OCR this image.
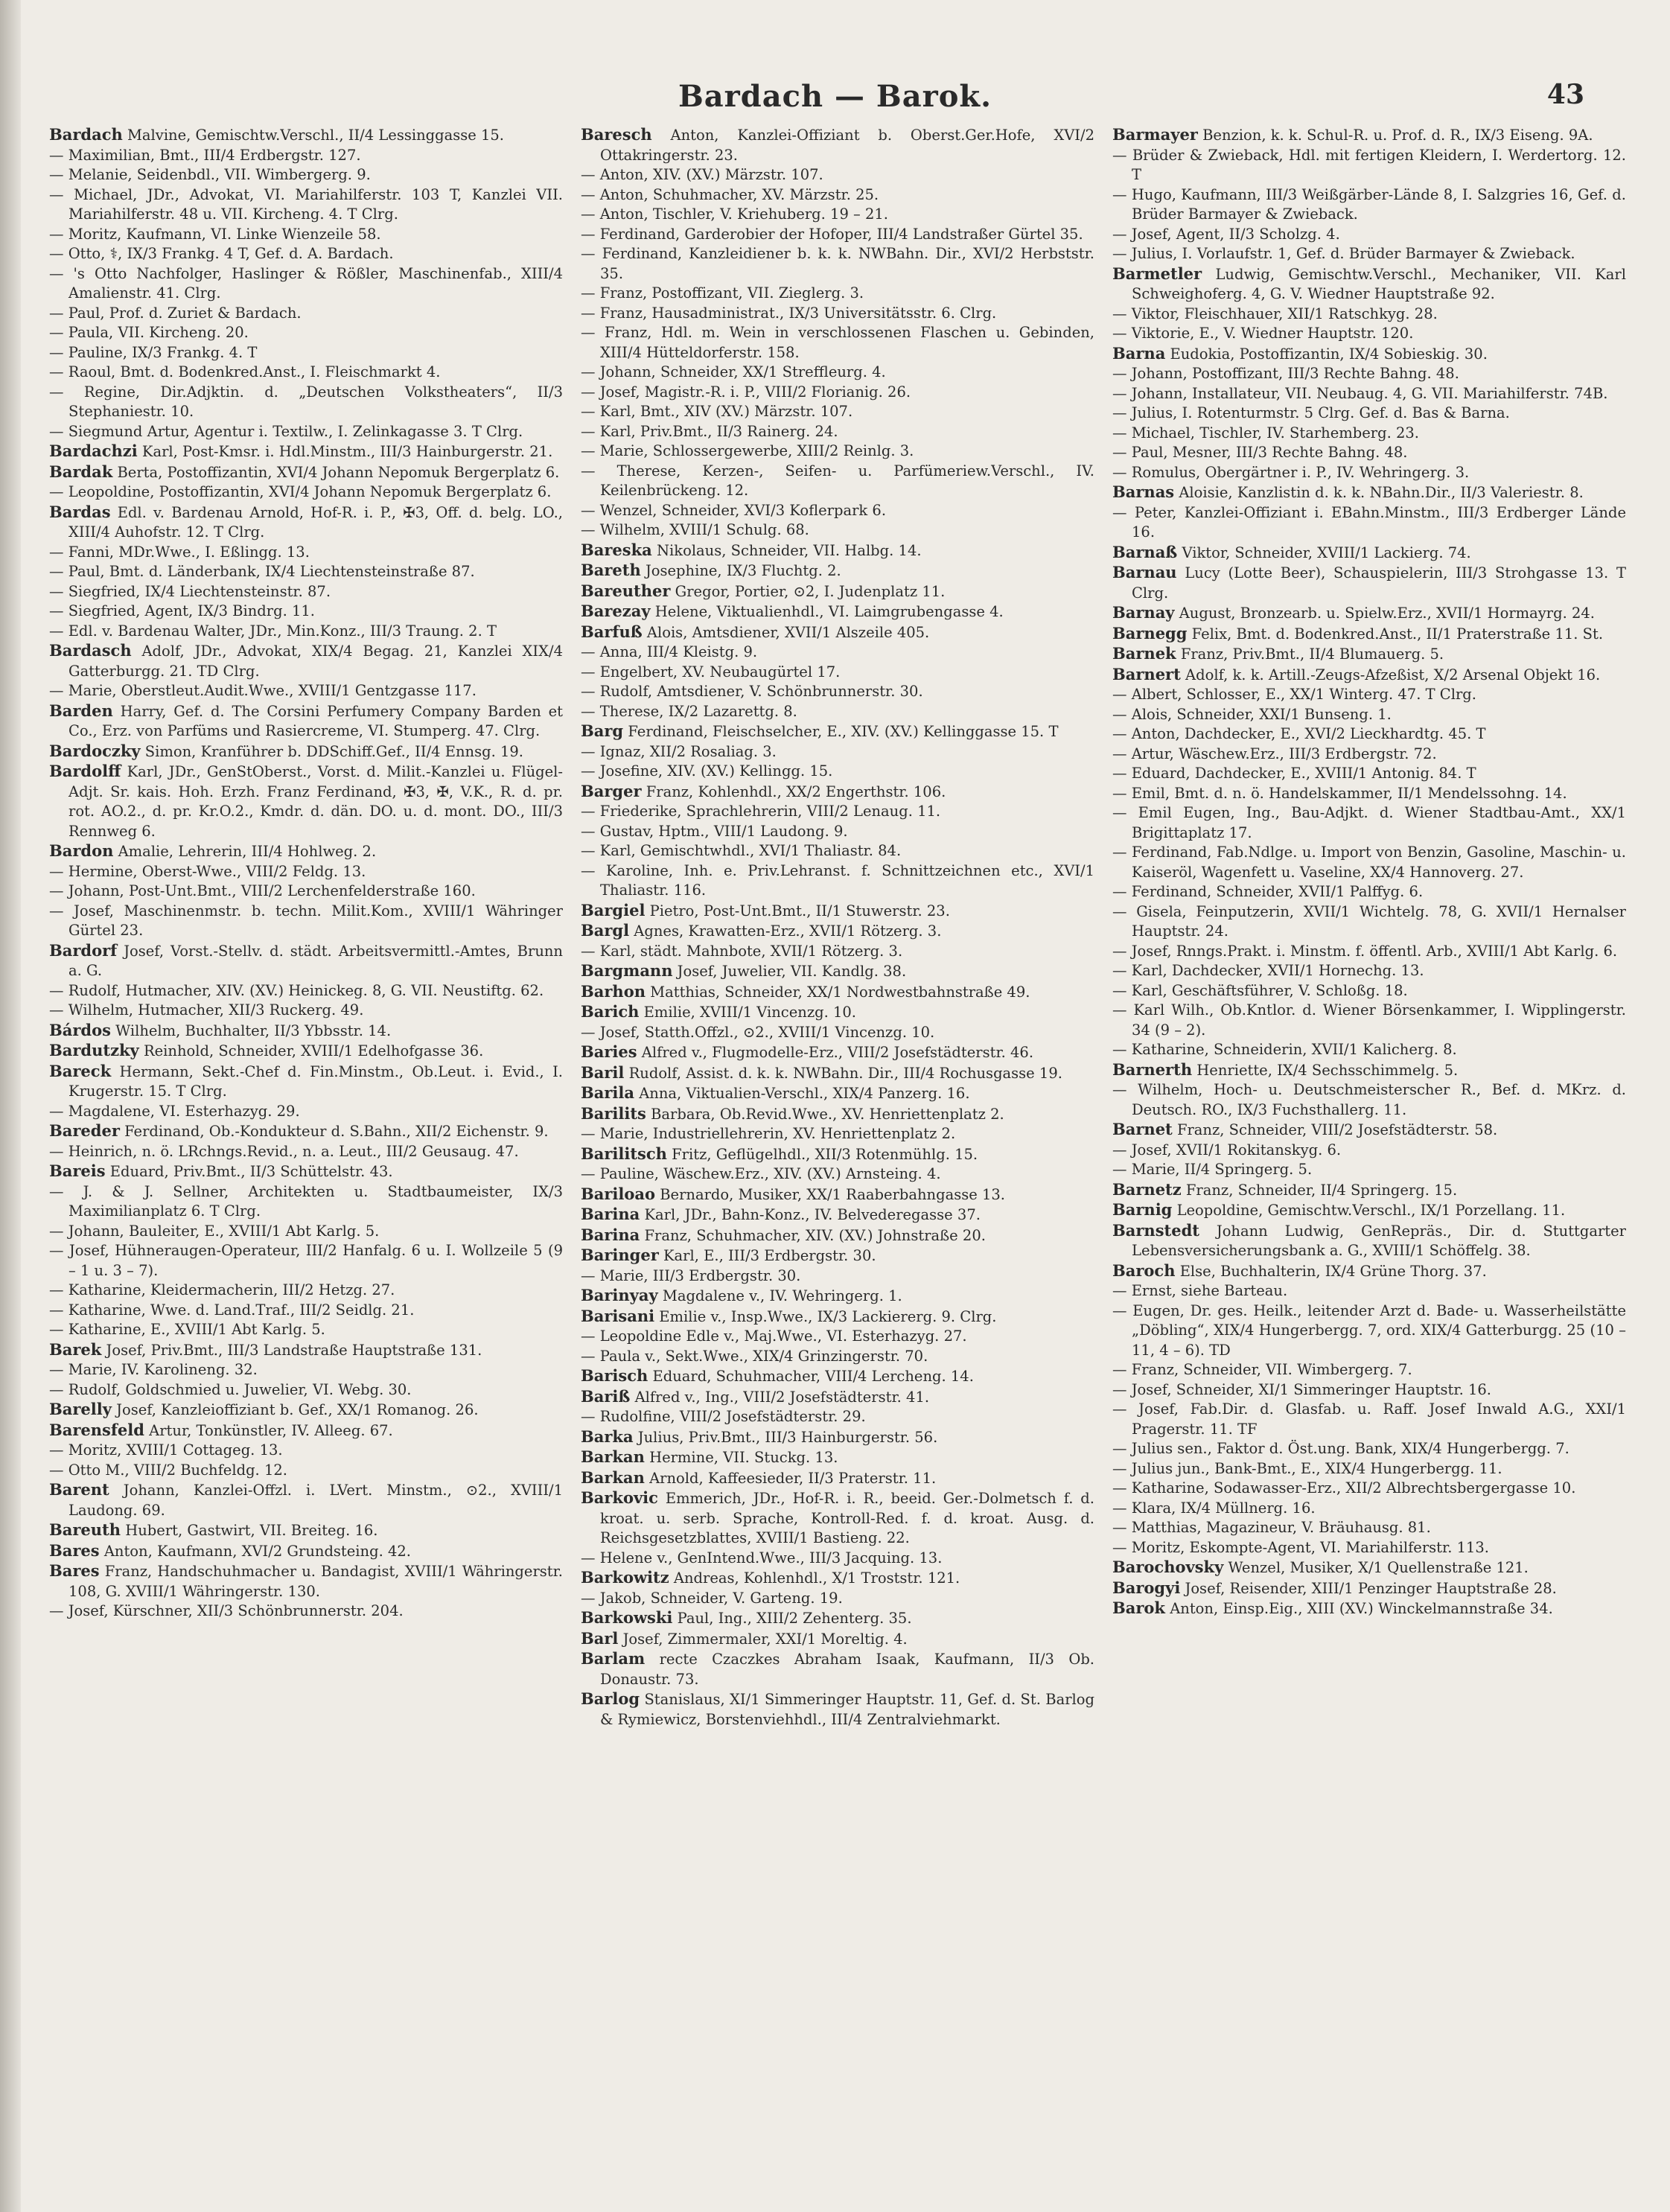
Bardach — Barok.	43

Bardach Malvine, Gemischtw.Verschl., II/4 Lessinggasse 15.

— Maximilian, Bmt., III/4 Erdbergstr. 127.

— Melanie, Seidenbdl., VII. Wimbergerg. 9.

— Michael, JDr., Advokat, VI. Mariahilferstr. 103 T, Kanzlei VII. Mariahilferstr. 48 u. VII. Kircheng. 4. T Clrg.

— Moritz, Kaufmann, VI. Linke Wienzeile 58.

— Otto, ⚕, IX/3 Frankg. 4 T, Gef. d. A. Bardach.

— 's Otto Nachfolger, Haslinger & Rößler, Maschinenfab., XIII/4 Amalienstr. 41. Clrg.

— Paul, Prof. d. Zuriet & Bardach.

— Paula, VII. Kircheng. 20.

— Pauline, IX/3 Frankg. 4. T

— Raoul, Bmt. d. Bodenkred.Anst., I. Fleischmarkt 4.

— Regine, Dir.Adjktin. d. „Deutschen Volkstheaters“, II/3 Stephaniestr. 10.

— Siegmund Artur, Agentur i. Textilw., I. Zelinkagasse 3. T Clrg.

Bardachzi Karl, Post-Kmsr. i. Hdl.Minstm., III/3 Hainburgerstr. 21.

Bardak Berta, Postoffizantin, XVI/4 Johann Nepomuk Bergerplatz 6.

— Leopoldine, Postoffizantin, XVI/4 Johann Nepomuk Bergerplatz 6.

Bardas Edl. v. Bardenau Arnold, Hof-R. i. P., ✠3, Off. d. belg. LO., XIII/4 Auhofstr. 12. T Clrg.

— Fanni, MDr.Wwe., I. Eßlingg. 13.

— Paul, Bmt. d. Länderbank, IX/4 Liechtensteinstraße 87.

— Siegfried, IX/4 Liechtensteinstr. 87.

— Siegfried, Agent, IX/3 Bindrg. 11.

— Edl. v. Bardenau Walter, JDr., Min.Konz., III/3 Traung. 2. T

Bardasch Adolf, JDr., Advokat, XIX/4 Begag. 21, Kanzlei XIX/4 Gatterburgg. 21. TD Clrg.

— Marie, Oberstleut.Audit.Wwe., XVIII/1 Gentzgasse 117.

Barden Harry, Gef. d. The Corsini Perfumery Company Barden et Co., Erz. von Parfüms und Rasiercreme, VI. Stumperg. 47. Clrg.

Bardoczky Simon, Kranführer b. DDSchiff.Gef., II/4 Ennsg. 19.

Bardolff Karl, JDr., GenStOberst., Vorst. d. Milit.-Kanzlei u. Flügel-Adjt. Sr. kais. Hoh. Erzh. Franz Ferdinand, ✠3, ✠, V.K., R. d. pr. rot. AO.2., d. pr. Kr.O.2., Kmdr. d. dän. DO. u. d. mont. DO., III/3 Rennweg 6.

Bardon Amalie, Lehrerin, III/4 Hohlweg. 2.

— Hermine, Oberst-Wwe., VIII/2 Feldg. 13.

— Johann, Post-Unt.Bmt., VIII/2 Lerchenfelderstraße 160.

— Josef, Maschinenmstr. b. techn. Milit.Kom., XVIII/1 Währinger Gürtel 23.

Bardorf Josef, Vorst.-Stellv. d. städt. Arbeitsvermittl.-Amtes, Brunn a. G.

— Rudolf, Hutmacher, XIV. (XV.) Heinickeg. 8, G. VII. Neustiftg. 62.

— Wilhelm, Hutmacher, XII/3 Ruckerg. 49.

Bárdos Wilhelm, Buchhalter, II/3 Ybbsstr. 14.

Bardutzky Reinhold, Schneider, XVIII/1 Edelhofgasse 36.

Bareck Hermann, Sekt.-Chef d. Fin.Minstm., Ob.Leut. i. Evid., I. Krugerstr. 15. T Clrg.

— Magdalene, VI. Esterhazyg. 29.

Bareder Ferdinand, Ob.-Kondukteur d. S.Bahn., XII/2 Eichenstr. 9.

— Heinrich, n. ö. LRchngs.Revid., n. a. Leut., III/2 Geusaug. 47.

Bareis Eduard, Priv.Bmt., II/3 Schüttelstr. 43.

— J. & J. Sellner, Architekten u. Stadtbaumeister, IX/3 Maximilianplatz 6. T Clrg.

— Johann, Bauleiter, E., XVIII/1 Abt Karlg. 5.

— Josef, Hühneraugen-Operateur, III/2 Hanfalg. 6 u. I. Wollzeile 5 (9 – 1 u. 3 – 7).

— Katharine, Kleidermacherin, III/2 Hetzg. 27.

— Katharine, Wwe. d. Land.Traf., III/2 Seidlg. 21.

— Katharine, E., XVIII/1 Abt Karlg. 5.

Barek Josef, Priv.Bmt., III/3 Landstraße Hauptstraße 131.

— Marie, IV. Karolineng. 32.

— Rudolf, Goldschmied u. Juwelier, VI. Webg. 30.

Barelly Josef, Kanzleioffiziant b. Gef., XX/1 Romanog. 26.

Barensfeld Artur, Tonkünstler, IV. Alleeg. 67.

— Moritz, XVIII/1 Cottageg. 13.

— Otto M., VIII/2 Buchfeldg. 12.

Barent Johann, Kanzlei-Offzl. i. LVert. Minstm., ⊙2., XVIII/1 Laudong. 69.

Bareuth Hubert, Gastwirt, VII. Breiteg. 16.

Bares Anton, Kaufmann, XVI/2 Grundsteing. 42.

Bares Franz, Handschuhmacher u. Bandagist, XVIII/1 Währingerstr. 108, G. XVIII/1 Währingerstr. 130.

— Josef, Kürschner, XII/3 Schönbrunnerstr. 204.

Baresch Anton, Kanzlei-Offiziant b. Oberst.Ger.Hofe, XVI/2 Ottakringerstr. 23.

— Anton, XIV. (XV.) Märzstr. 107.

— Anton, Schuhmacher, XV. Märzstr. 25.

— Anton, Tischler, V. Kriehuberg. 19 – 21.

— Ferdinand, Garderobier der Hofoper, III/4 Landstraßer Gürtel 35.

— Ferdinand, Kanzleidiener b. k. k. NWBahn. Dir., XVI/2 Herbststr. 35.

— Franz, Postoffizant, VII. Zieglerg. 3.

— Franz, Hausadministrat., IX/3 Universitätsstr. 6. Clrg.

— Franz, Hdl. m. Wein in verschlossenen Flaschen u. Gebinden, XIII/4 Hütteldorferstr. 158.

— Johann, Schneider, XX/1 Streffleurg. 4.

— Josef, Magistr.-R. i. P., VIII/2 Florianig. 26.

— Karl, Bmt., XIV (XV.) Märzstr. 107.

— Karl, Priv.Bmt., II/3 Rainerg. 24.

— Marie, Schlossergewerbe, XIII/2 Reinlg. 3.

— Therese, Kerzen-, Seifen- u. Parfümeriew.Verschl., IV. Keilenbrückeng. 12.

— Wenzel, Schneider, XVI/3 Koflerpark 6.

— Wilhelm, XVIII/1 Schulg. 68.

Bareska Nikolaus, Schneider, VII. Halbg. 14.

Bareth Josephine, IX/3 Fluchtg. 2.

Bareuther Gregor, Portier, ⊙2, I. Judenplatz 11.

Barezay Helene, Viktualienhdl., VI. Laimgrubengasse 4.

Barfuß Alois, Amtsdiener, XVII/1 Alszeile 405.

— Anna, III/4 Kleistg. 9.

— Engelbert, XV. Neubaugürtel 17.

— Rudolf, Amtsdiener, V. Schönbrunnerstr. 30.

— Therese, IX/2 Lazarettg. 8.

Barg Ferdinand, Fleischselcher, E., XIV. (XV.) Kellinggasse 15. T

— Ignaz, XII/2 Rosaliag. 3.

— Josefine, XIV. (XV.) Kellingg. 15.

Barger Franz, Kohlenhdl., XX/2 Engerthstr. 106.

— Friederike, Sprachlehrerin, VIII/2 Lenaug. 11.

— Gustav, Hptm., VIII/1 Laudong. 9.

— Karl, Gemischtwhdl., XVI/1 Thaliastr. 84.

— Karoline, Inh. e. Priv.Lehranst. f. Schnittzeichnen etc., XVI/1 Thaliastr. 116.

Bargiel Pietro, Post-Unt.Bmt., II/1 Stuwerstr. 23.

Bargl Agnes, Krawatten-Erz., XVII/1 Rötzerg. 3.

— Karl, städt. Mahnbote, XVII/1 Rötzerg. 3.

Bargmann Josef, Juwelier, VII. Kandlg. 38.

Barhon Matthias, Schneider, XX/1 Nordwestbahnstraße 49.

Barich Emilie, XVIII/1 Vincenzg. 10.

— Josef, Statth.Offzl., ⊙2., XVIII/1 Vincenzg. 10.

Baries Alfred v., Flugmodelle-Erz., VIII/2 Josefstädterstr. 46.

Baril Rudolf, Assist. d. k. k. NWBahn. Dir., III/4 Rochusgasse 19.

Barila Anna, Viktualien-Verschl., XIX/4 Panzerg. 16.

Barilits Barbara, Ob.Revid.Wwe., XV. Henriettenplatz 2.

— Marie, Industriellehrerin, XV. Henriettenplatz 2.

Barilitsch Fritz, Geflügelhdl., XII/3 Rotenmühlg. 15.

— Pauline, Wäschew.Erz., XIV. (XV.) Arnsteing. 4.

Bariloao Bernardo, Musiker, XX/1 Raaberbahngasse 13.

Barina Karl, JDr., Bahn-Konz., IV. Belvederegasse 37.

Barina Franz, Schuhmacher, XIV. (XV.) Johnstraße 20.

Baringer Karl, E., III/3 Erdbergstr. 30.

— Marie, III/3 Erdbergstr. 30.

Barinyay Magdalene v., IV. Wehringerg. 1.

Barisani Emilie v., Insp.Wwe., IX/3 Lackiererg. 9. Clrg.

— Leopoldine Edle v., Maj.Wwe., VI. Esterhazyg. 27.

— Paula v., Sekt.Wwe., XIX/4 Grinzingerstr. 70.

Barisch Eduard, Schuhmacher, VIII/4 Lercheng. 14.

Bariß Alfred v., Ing., VIII/2 Josefstädterstr. 41.

— Rudolfine, VIII/2 Josefstädterstr. 29.

Barka Julius, Priv.Bmt., III/3 Hainburgerstr. 56.

Barkan Hermine, VII. Stuckg. 13.

Barkan Arnold, Kaffeesieder, II/3 Praterstr. 11.

Barkovic Emmerich, JDr., Hof-R. i. R., beeid. Ger.-Dolmetsch f. d. kroat. u. serb. Sprache, Kontroll-Red. f. d. kroat. Ausg. d. Reichsgesetzblattes, XVIII/1 Bastieng. 22.

— Helene v., GenIntend.Wwe., III/3 Jacquing. 13.

Barkowitz Andreas, Kohlenhdl., X/1 Troststr. 121.

— Jakob, Schneider, V. Garteng. 19.

Barkowski Paul, Ing., XIII/2 Zehenterg. 35.

Barl Josef, Zimmermaler, XXI/1 Moreltig. 4.

Barlam recte Czaczkes Abraham Isaak, Kaufmann, II/3 Ob. Donaustr. 73.

Barlog Stanislaus, XI/1 Simmeringer Hauptstr. 11, Gef. d. St. Barlog & Rymiewicz, Borstenviehhdl., III/4 Zentralviehmarkt.

Barmayer Benzion, k. k. Schul-R. u. Prof. d. R., IX/3 Eiseng. 9A.

— Brüder & Zwieback, Hdl. mit fertigen Kleidern, I. Werdertorg. 12. T

— Hugo, Kaufmann, III/3 Weißgärber-Lände 8, I. Salzgries 16, Gef. d. Brüder Barmayer & Zwieback.

— Josef, Agent, II/3 Scholzg. 4.

— Julius, I. Vorlaufstr. 1, Gef. d. Brüder Barmayer & Zwieback.

Barmetler Ludwig, Gemischtw.Verschl., Mechaniker, VII. Karl Schweighoferg. 4, G. V. Wiedner Hauptstraße 92.

— Viktor, Fleischhauer, XII/1 Ratschkyg. 28.

— Viktorie, E., V. Wiedner Hauptstr. 120.

Barna Eudokia, Postoffizantin, IX/4 Sobieskig. 30.

— Johann, Postoffizant, III/3 Rechte Bahng. 48.

— Johann, Installateur, VII. Neubaug. 4, G. VII. Mariahilferstr. 74B.

— Julius, I. Rotenturmstr. 5 Clrg. Gef. d. Bas & Barna.

— Michael, Tischler, IV. Starhemberg. 23.

— Paul, Mesner, III/3 Rechte Bahng. 48.

— Romulus, Obergärtner i. P., IV. Wehringerg. 3.

Barnas Aloisie, Kanzlistin d. k. k. NBahn.Dir., II/3 Valeriestr. 8.

— Peter, Kanzlei-Offiziant i. EBahn.Minstm., III/3 Erdberger Lände 16.

Barnaß Viktor, Schneider, XVIII/1 Lackierg. 74.

Barnau Lucy (Lotte Beer), Schauspielerin, III/3 Strohgasse 13. T Clrg.

Barnay August, Bronzearb. u. Spielw.Erz., XVII/1 Hormayrg. 24.

Barnegg Felix, Bmt. d. Bodenkred.Anst., II/1 Praterstraße 11. St.

Barnek Franz, Priv.Bmt., II/4 Blumauerg. 5.

Barnert Adolf, k. k. Artill.-Zeugs-Afzeßist, X/2 Arsenal Objekt 16.

— Albert, Schlosser, E., XX/1 Winterg. 47. T Clrg.

— Alois, Schneider, XXI/1 Bunseng. 1.

— Anton, Dachdecker, E., XVI/2 Lieckhardtg. 45. T

— Artur, Wäschew.Erz., III/3 Erdbergstr. 72.

— Eduard, Dachdecker, E., XVIII/1 Antonig. 84. T

— Emil, Bmt. d. n. ö. Handelskammer, II/1 Mendelssohng. 14.

— Emil Eugen, Ing., Bau-Adjkt. d. Wiener Stadtbau-Amt., XX/1 Brigittaplatz 17.

— Ferdinand, Fab.Ndlge. u. Import von Benzin, Gasoline, Maschin- u. Kaiseröl, Wagenfett u. Vaseline, XX/4 Hannoverg. 27.

— Ferdinand, Schneider, XVII/1 Palffyg. 6.

— Gisela, Feinputzerin, XVII/1 Wichtelg. 78, G. XVII/1 Hernalser Hauptstr. 24.

— Josef, Rnngs.Prakt. i. Minstm. f. öffentl. Arb., XVIII/1 Abt Karlg. 6.

— Karl, Dachdecker, XVII/1 Hornechg. 13.

— Karl, Geschäftsführer, V. Schloßg. 18.

— Karl Wilh., Ob.Kntlor. d. Wiener Börsenkammer, I. Wipplingerstr. 34 (9 – 2).

— Katharine, Schneiderin, XVII/1 Kalicherg. 8.

Barnerth Henriette, IX/4 Sechsschimmelg. 5.

— Wilhelm, Hoch- u. Deutschmeisterscher R., Bef. d. MKrz. d. Deutsch. RO., IX/3 Fuchsthallerg. 11.

Barnet Franz, Schneider, VIII/2 Josefstädterstr. 58.

— Josef, XVII/1 Rokitanskyg. 6.

— Marie, II/4 Springerg. 5.

Barnetz Franz, Schneider, II/4 Springerg. 15.

Barnig Leopoldine, Gemischtw.Verschl., IX/1 Porzellang. 11.

Barnstedt Johann Ludwig, GenRepräs., Dir. d. Stuttgarter Lebensversicherungsbank a. G., XVIII/1 Schöffelg. 38.

Baroch Else, Buchhalterin, IX/4 Grüne Thorg. 37.

— Ernst, siehe Barteau.

— Eugen, Dr. ges. Heilk., leitender Arzt d. Bade- u. Wasserheilstätte „Döbling“, XIX/4 Hungerbergg. 7, ord. XIX/4 Gatterburgg. 25 (10 – 11, 4 – 6). TD

— Franz, Schneider, VII. Wimbergerg. 7.

— Josef, Schneider, XI/1 Simmeringer Hauptstr. 16.

— Josef, Fab.Dir. d. Glasfab. u. Raff. Josef Inwald A.G., XXI/1 Pragerstr. 11. TF

— Julius sen., Faktor d. Öst.ung. Bank, XIX/4 Hungerbergg. 7.

— Julius jun., Bank-Bmt., E., XIX/4 Hungerbergg. 11.

— Katharine, Sodawasser-Erz., XII/2 Albrechtsbergergasse 10.

— Klara, IX/4 Müllnerg. 16.

— Matthias, Magazineur, V. Bräuhausg. 81.

— Moritz, Eskompte-Agent, VI. Mariahilferstr. 113.

Barochovsky Wenzel, Musiker, X/1 Quellenstraße 121.

Barogyi Josef, Reisender, XIII/1 Penzinger Hauptstraße 28.

Barok Anton, Einsp.Eig., XIII (XV.) Winckelmannstraße 34.
